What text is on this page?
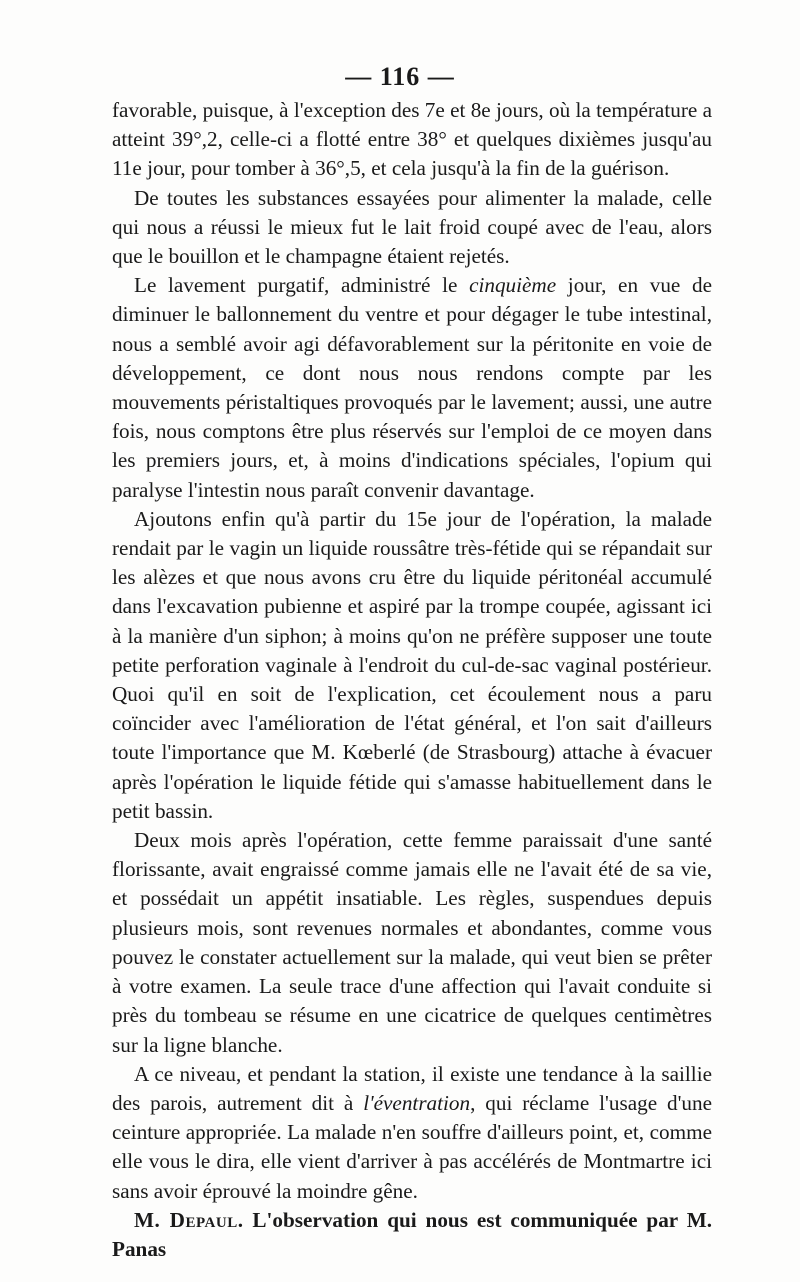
— 116 —

favorable, puisque, à l'exception des 7e et 8e jours, où la température a atteint 39°,2, celle-ci a flotté entre 38° et quelques dixièmes jusqu'au 11e jour, pour tomber à 36°,5, et cela jusqu'à la fin de la guérison.

De toutes les substances essayées pour alimenter la malade, celle qui nous a réussi le mieux fut le lait froid coupé avec de l'eau, alors que le bouillon et le champagne étaient rejetés.

Le lavement purgatif, administré le cinquième jour, en vue de diminuer le ballonnement du ventre et pour dégager le tube intestinal, nous a semblé avoir agi défavorablement sur la péritonite en voie de développement, ce dont nous nous rendons compte par les mouvements péristaltiques provoqués par le lavement; aussi, une autre fois, nous comptons être plus réservés sur l'emploi de ce moyen dans les premiers jours, et, à moins d'indications spéciales, l'opium qui paralyse l'intestin nous paraît convenir davantage.

Ajoutons enfin qu'à partir du 15e jour de l'opération, la malade rendait par le vagin un liquide roussâtre très-fétide qui se répandait sur les alèzes et que nous avons cru être du liquide péritonéal accumulé dans l'excavation pubienne et aspiré par la trompe coupée, agissant ici à la manière d'un siphon; à moins qu'on ne préfère supposer une toute petite perforation vaginale à l'endroit du cul-de-sac vaginal postérieur. Quoi qu'il en soit de l'explication, cet écoulement nous a paru coïncider avec l'amélioration de l'état général, et l'on sait d'ailleurs toute l'importance que M. Kœberlé (de Strasbourg) attache à évacuer après l'opération le liquide fétide qui s'amasse habituellement dans le petit bassin.

Deux mois après l'opération, cette femme paraissait d'une santé florissante, avait engraissé comme jamais elle ne l'avait été de sa vie, et possédait un appétit insatiable. Les règles, suspendues depuis plusieurs mois, sont revenues normales et abondantes, comme vous pouvez le constater actuellement sur la malade, qui veut bien se prêter à votre examen. La seule trace d'une affection qui l'avait conduite si près du tombeau se résume en une cicatrice de quelques centimètres sur la ligne blanche.

A ce niveau, et pendant la station, il existe une tendance à la saillie des parois, autrement dit à l'éventration, qui réclame l'usage d'une ceinture appropriée. La malade n'en souffre d'ailleurs point, et, comme elle vous le dira, elle vient d'arriver à pas accélérés de Montmartre ici sans avoir éprouvé la moindre gêne.

M. Depaul. L'observation qui nous est communiquée par M. Panas
